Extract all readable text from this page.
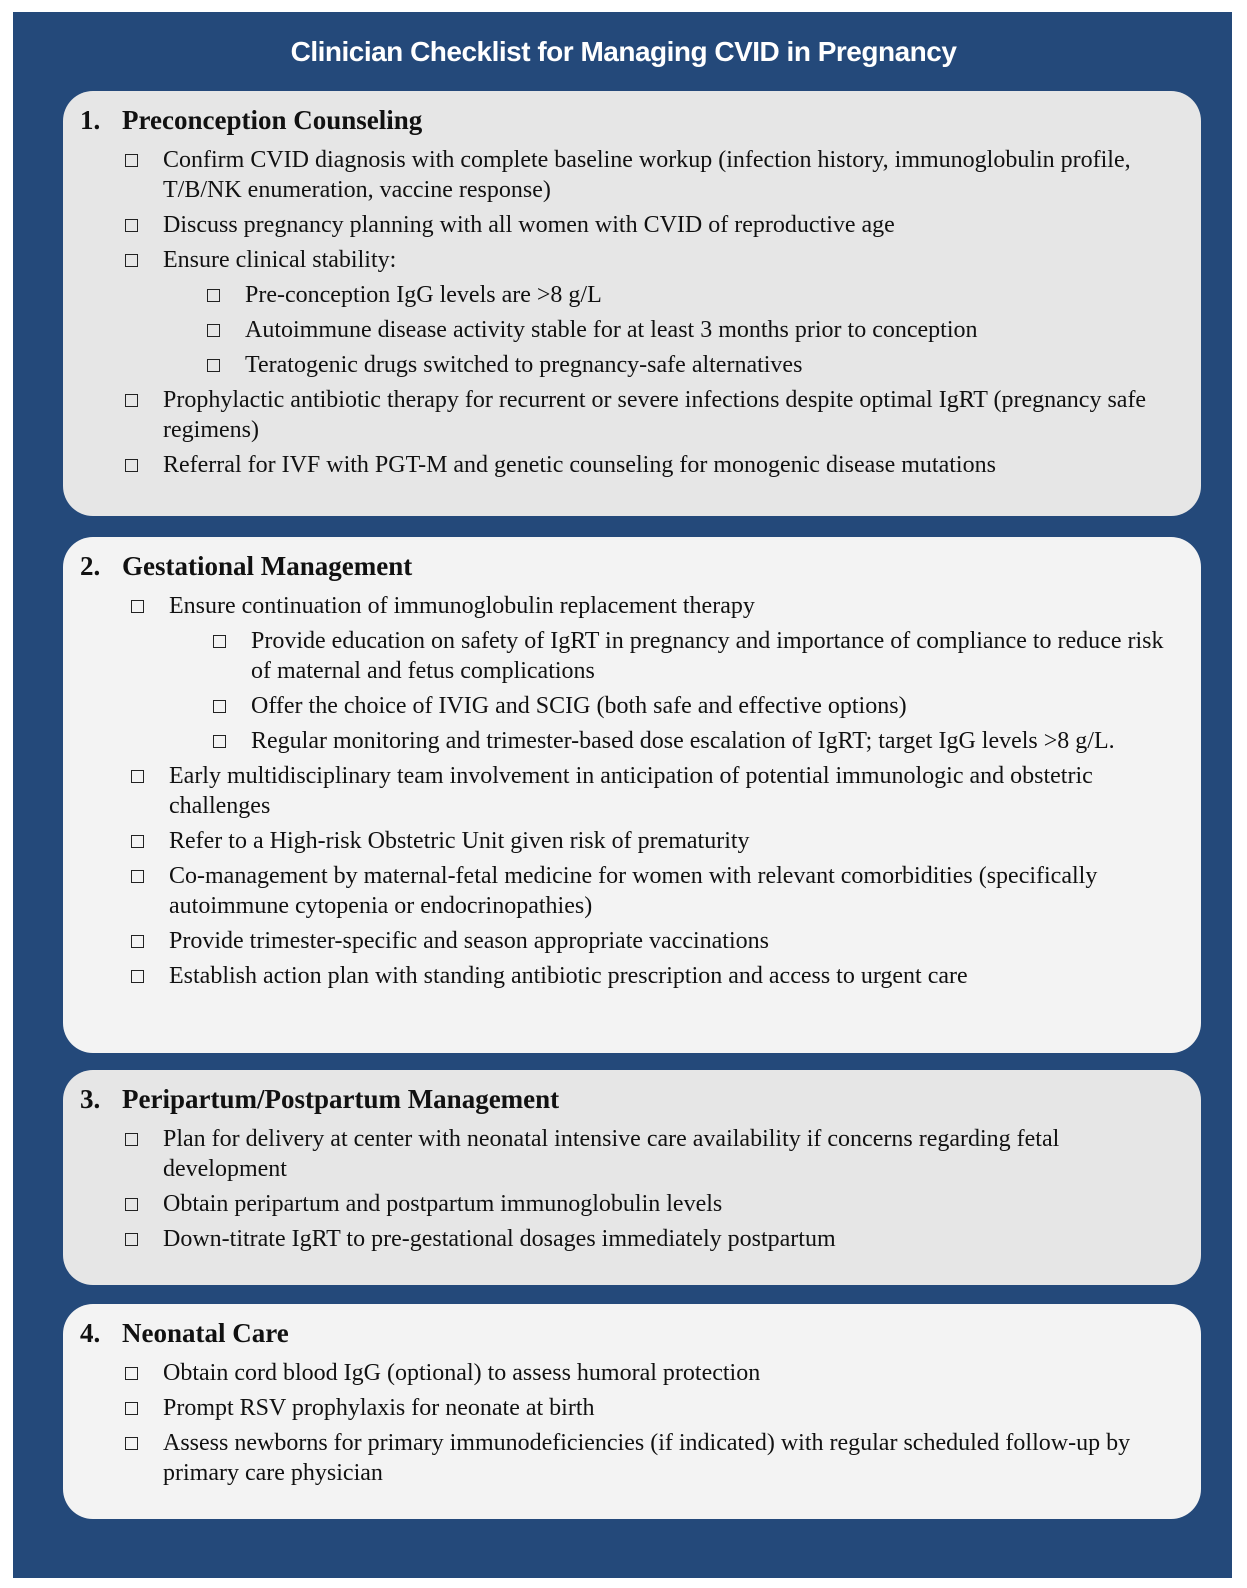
Clinician Checklist for Managing CVID in Pregnancy
1. Preconception Counseling
Confirm CVID diagnosis with complete baseline workup (infection history, immunoglobulin profile, T/B/NK enumeration, vaccine response)
Discuss pregnancy planning with all women with CVID of reproductive age
Ensure clinical stability:
Pre-conception IgG levels are >8 g/L
Autoimmune disease activity stable for at least 3 months prior to conception
Teratogenic drugs switched to pregnancy-safe alternatives
Prophylactic antibiotic therapy for recurrent or severe infections despite optimal IgRT (pregnancy safe regimens)
Referral for IVF with PGT-M and genetic counseling for monogenic disease mutations
2. Gestational Management
Ensure continuation of immunoglobulin replacement therapy
Provide education on safety of IgRT in pregnancy and importance of compliance to reduce risk of maternal and fetus complications
Offer the choice of IVIG and SCIG (both safe and effective options)
Regular monitoring and trimester-based dose escalation of IgRT; target IgG levels >8 g/L.
Early multidisciplinary team involvement in anticipation of potential immunologic and obstetric challenges
Refer to a High-risk Obstetric Unit given risk of prematurity
Co-management by maternal-fetal medicine for women with relevant comorbidities (specifically autoimmune cytopenia or endocrinopathies)
Provide trimester-specific and season appropriate vaccinations
Establish action plan with standing antibiotic prescription and access to urgent care
3. Peripartum/Postpartum Management
Plan for delivery at center with neonatal intensive care availability if concerns regarding fetal development
Obtain peripartum and postpartum immunoglobulin levels
Down-titrate IgRT to pre-gestational dosages immediately postpartum
4. Neonatal Care
Obtain cord blood IgG (optional) to assess humoral protection
Prompt RSV prophylaxis for neonate at birth
Assess newborns for primary immunodeficiencies (if indicated) with regular scheduled follow-up by primary care physician
